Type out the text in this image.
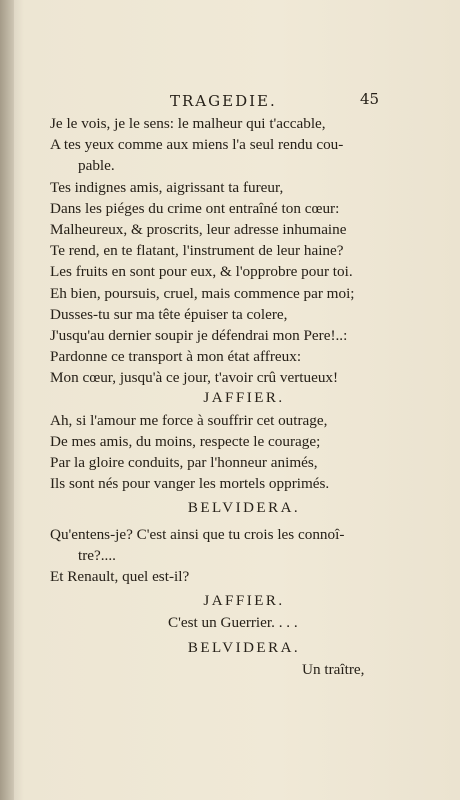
TRAGEDIE.	45
Je le vois, je le sens: le malheur qui t'accable,
A tes yeux comme aux miens l'a seul rendu cou-
pable.
Tes indignes amis, aigrissant ta fureur,
Dans les piéges du crime ont entraîné ton cœur:
Malheureux, & proscrits, leur adresse inhumaine
Te rend, en te flatant, l'instrument de leur haine?
Les fruits en sont pour eux, & l'opprobre pour toi.
Eh bien, poursuis, cruel, mais commence par moi;
Dusses-tu sur ma tête épuiser ta colere,
J'usqu'au dernier soupir je défendrai mon Pere!..:
Pardonne ce transport à mon état affreux:
Mon cœur, jusqu'à ce jour, t'avoir crû vertueux!
JAFFIER.
Ah, si l'amour me force à souffrir cet outrage,
De mes amis, du moins, respecte le courage;
Par la gloire conduits, par l'honneur animés,
Ils sont nés pour vanger les mortels opprimés.
BELVIDERA.
Qu'entens-je? C'est ainsi que tu crois les connoî-
tre?....
Et Renault, quel est-il?
JAFFIER.
C'est un Guerrier. . . .
BELVIDERA.
Un traître,
